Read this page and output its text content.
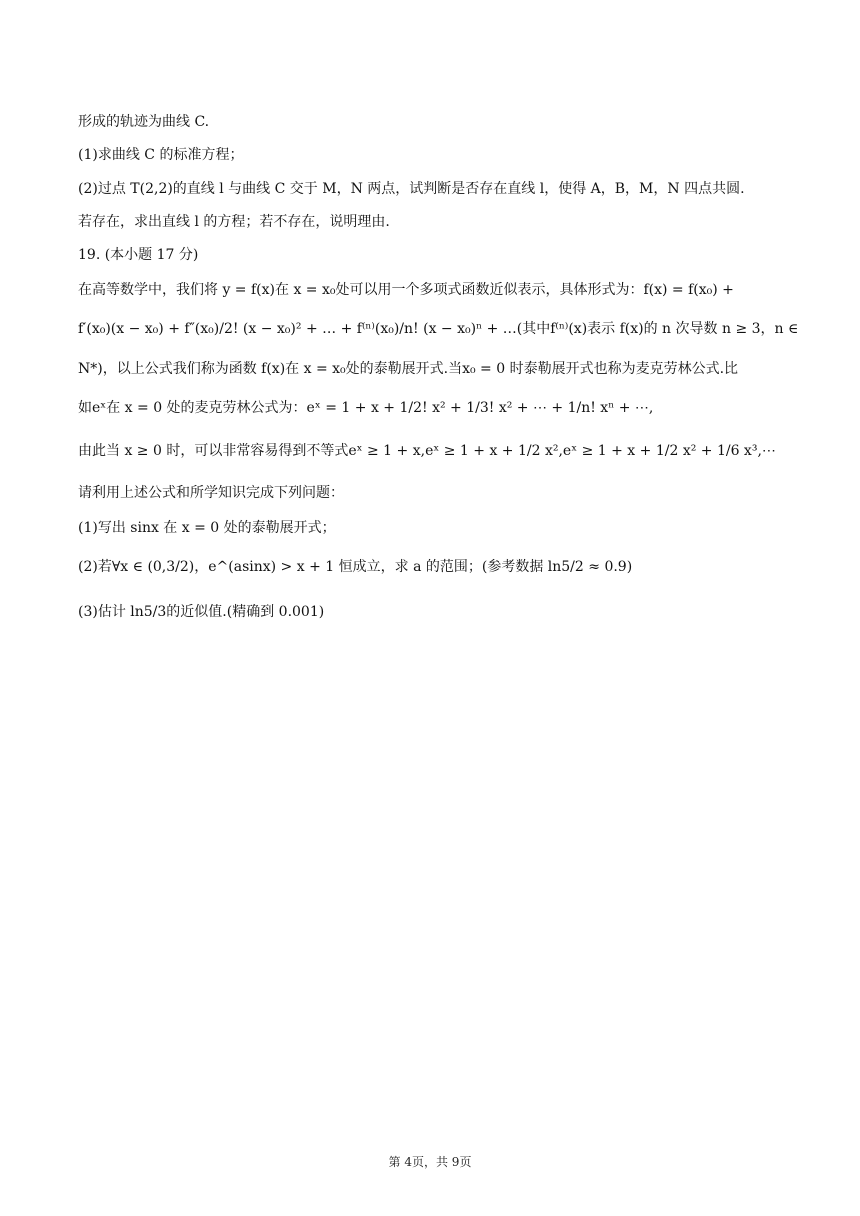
形成的轨迹为曲线 C.
(1)求曲线 C 的标准方程；
(2)过点 T(2,2)的直线 l 与曲线 C 交于 M，N 两点，试判断是否存在直线 l，使得 A，B，M，N 四点共圆.
若存在，求出直线 l 的方程；若不存在，说明理由.
19. (本小题 17 分)
在高等数学中，我们将 y = f(x)在 x = x₀处可以用一个多项式函数近似表示，具体形式为：f(x) = f(x₀) +
f′(x₀)(x − x₀) + f″(x₀)/2! (x − x₀)² + … + f⁽ⁿ⁾(x₀)/n! (x − x₀)ⁿ + …(其中f⁽ⁿ⁾(x)表示 f(x)的 n 次导数 n ≥ 3，n ∈
N*)，以上公式我们称为函数 f(x)在 x = x₀处的泰勒展开式.当x₀ = 0 时泰勒展开式也称为麦克劳林公式.比
如eˣ在 x = 0 处的麦克劳林公式为：eˣ = 1 + x + 1/2! x² + 1/3! x² + ⋯ + 1/n! xⁿ + ⋯,
由此当 x ≥ 0 时，可以非常容易得到不等式eˣ ≥ 1 + x,eˣ ≥ 1 + x + 1/2 x²,eˣ ≥ 1 + x + 1/2 x² + 1/6 x³,⋯
请利用上述公式和所学知识完成下列问题：
(1)写出 sinx 在 x = 0 处的泰勒展开式；
(2)若∀x ∈ (0,3/2)，e^(asinx) > x + 1 恒成立，求 a 的范围；(参考数据 ln5/2 ≈ 0.9)
(3)估计 ln5/3的近似值.(精确到 0.001)
第 4页，共 9页
